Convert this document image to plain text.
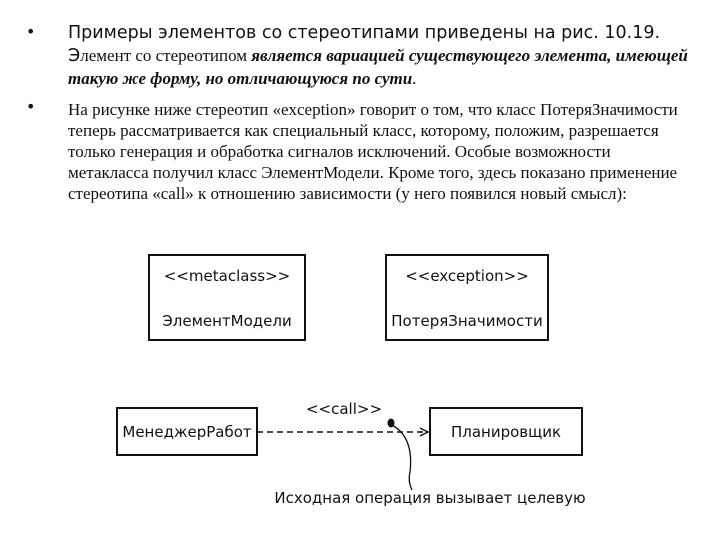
• Примеры элементов со стереотипами приведены на рис. 10.19.
Элемент со стереотипом является вариацией существующего элемента, имеющей такую же форму, но отличающуюся по сути.
• На рисунке ниже стереотип «exception» говорит о том, что класс ПотеряЗначимости теперь рассматривается как специальный класс, которому, положим, разрешается только генерация и обработка сигналов исключений. Особые возможности метакласса получил класс ЭлементМодели. Кроме того, здесь показано применение стереотипа «call» к отношению зависимости (у него появился новый смысл):
<<metaclass>>
ЭлементМодели
<<exception>>
ПотеряЗначимости
МенеджерРабот	Планировщик
<<call>>
Исходная операция вызывает целевую
